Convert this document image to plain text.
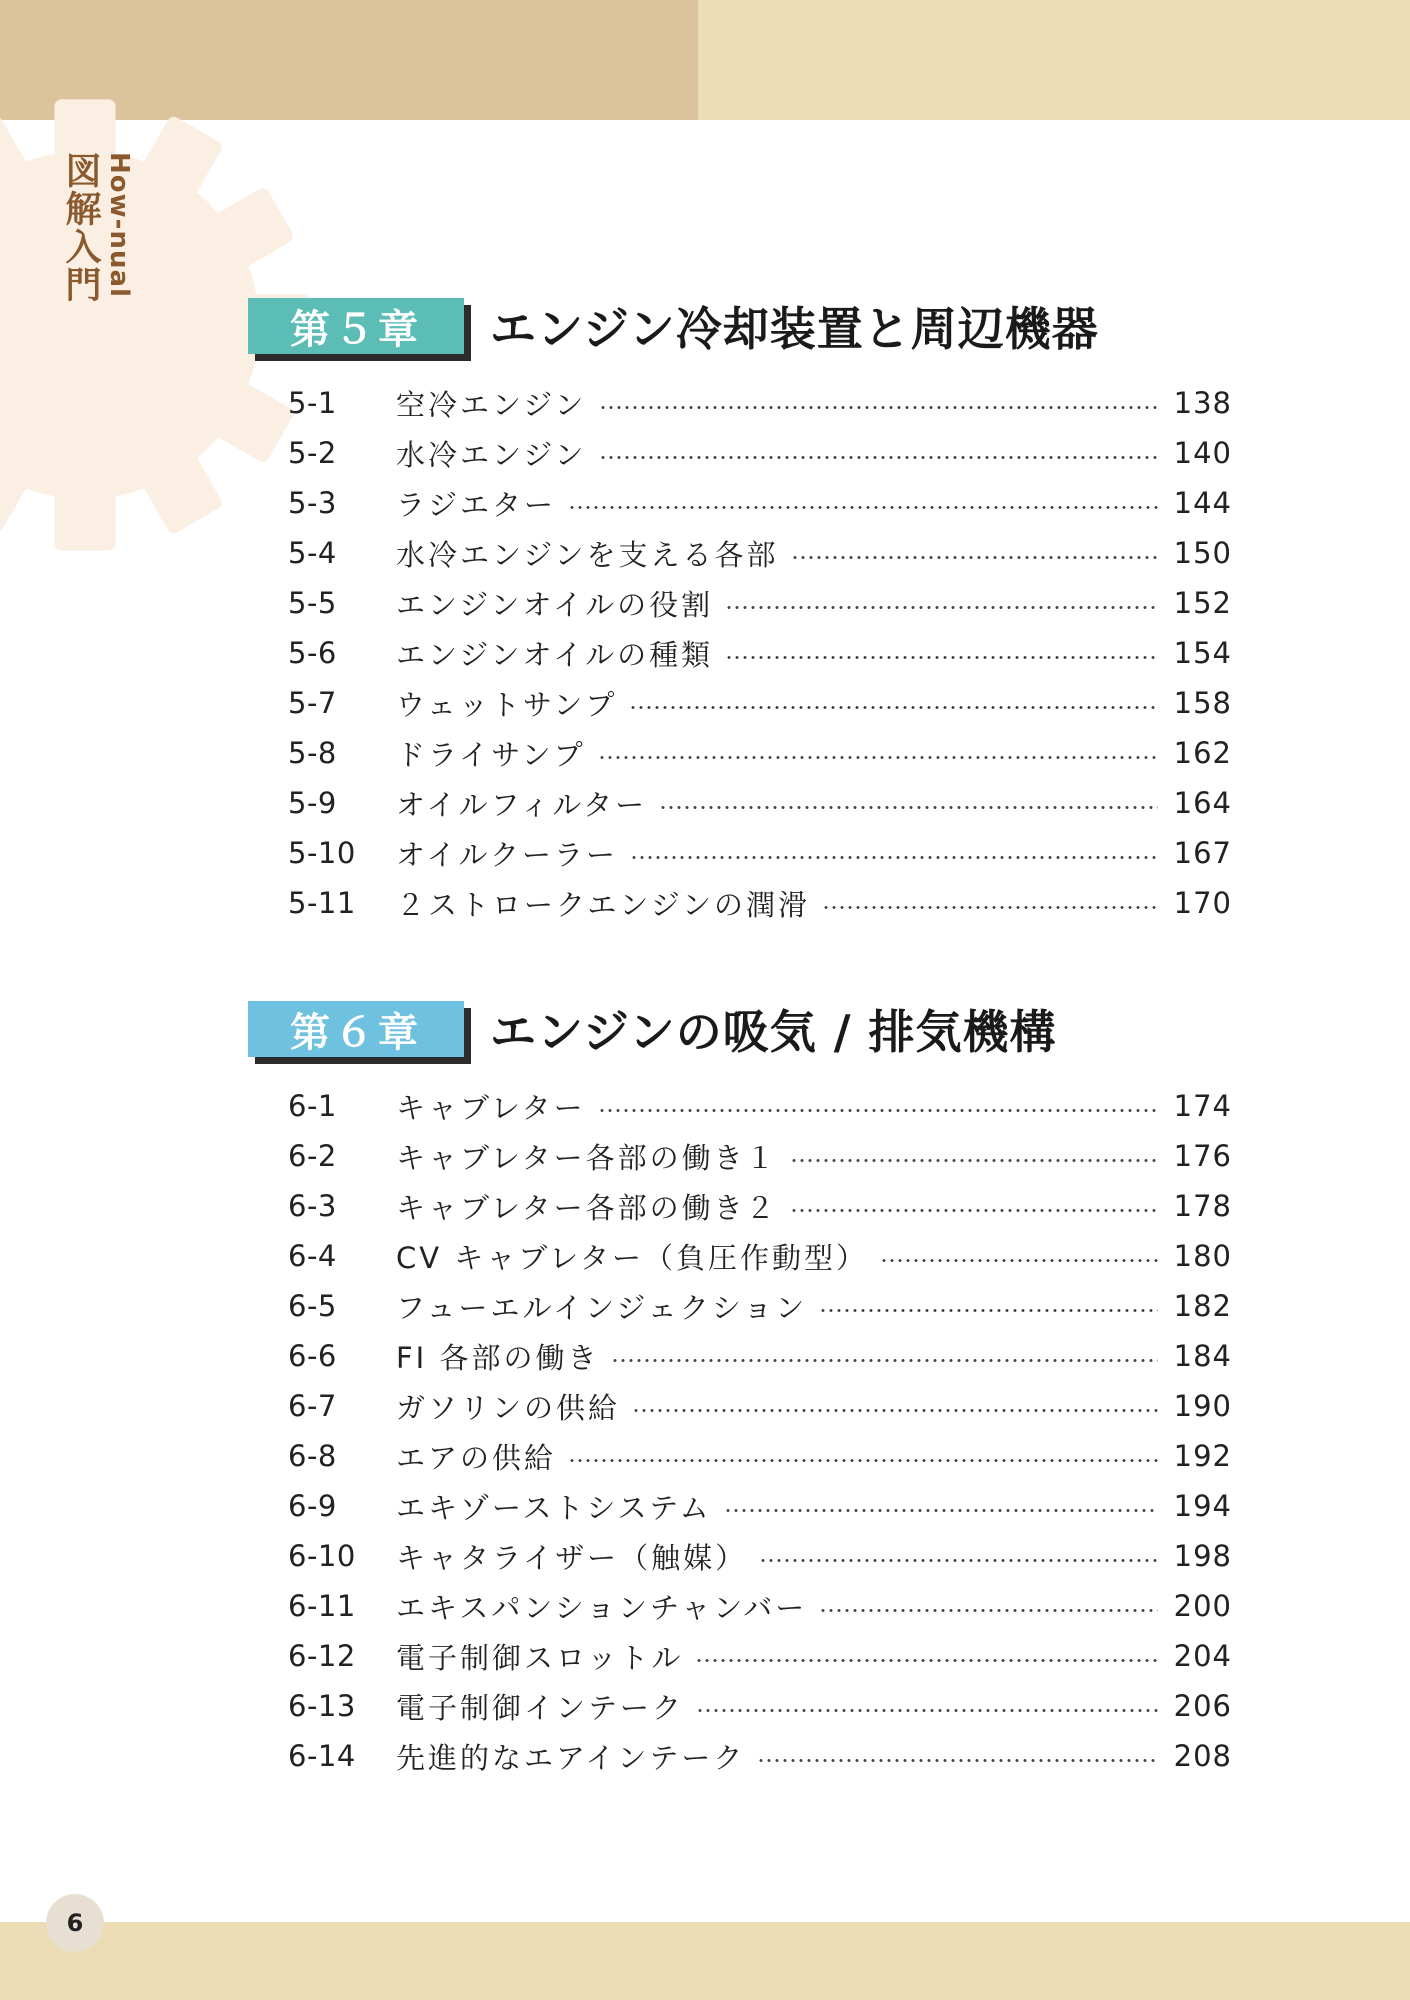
How-nual
図解入門
第５章	エンジン冷却装置と周辺機器
5-1	空冷エンジン	138
5-2	水冷エンジン	140
5-3	ラジエター	144
5-4	水冷エンジンを支える各部	150
5-5	エンジンオイルの役割	152
5-6	エンジンオイルの種類	154
5-7	ウェットサンプ	158
5-8	ドライサンプ	162
5-9	オイルフィルター	164
5-10	オイルクーラー	167
5-11	２ストロークエンジンの潤滑	170
第６章	エンジンの吸気 / 排気機構
6-1	キャブレター	174
6-2	キャブレター各部の働き１	176
6-3	キャブレター各部の働き２	178
6-4	CV キャブレター（負圧作動型）	180
6-5	フューエルインジェクション	182
6-6	FI 各部の働き	184
6-7	ガソリンの供給	190
6-8	エアの供給	192
6-9	エキゾーストシステム	194
6-10	キャタライザー（触媒）	198
6-11	エキスパンションチャンバー	200
6-12	電子制御スロットル	204
6-13	電子制御インテーク	206
6-14	先進的なエアインテーク	208
6
